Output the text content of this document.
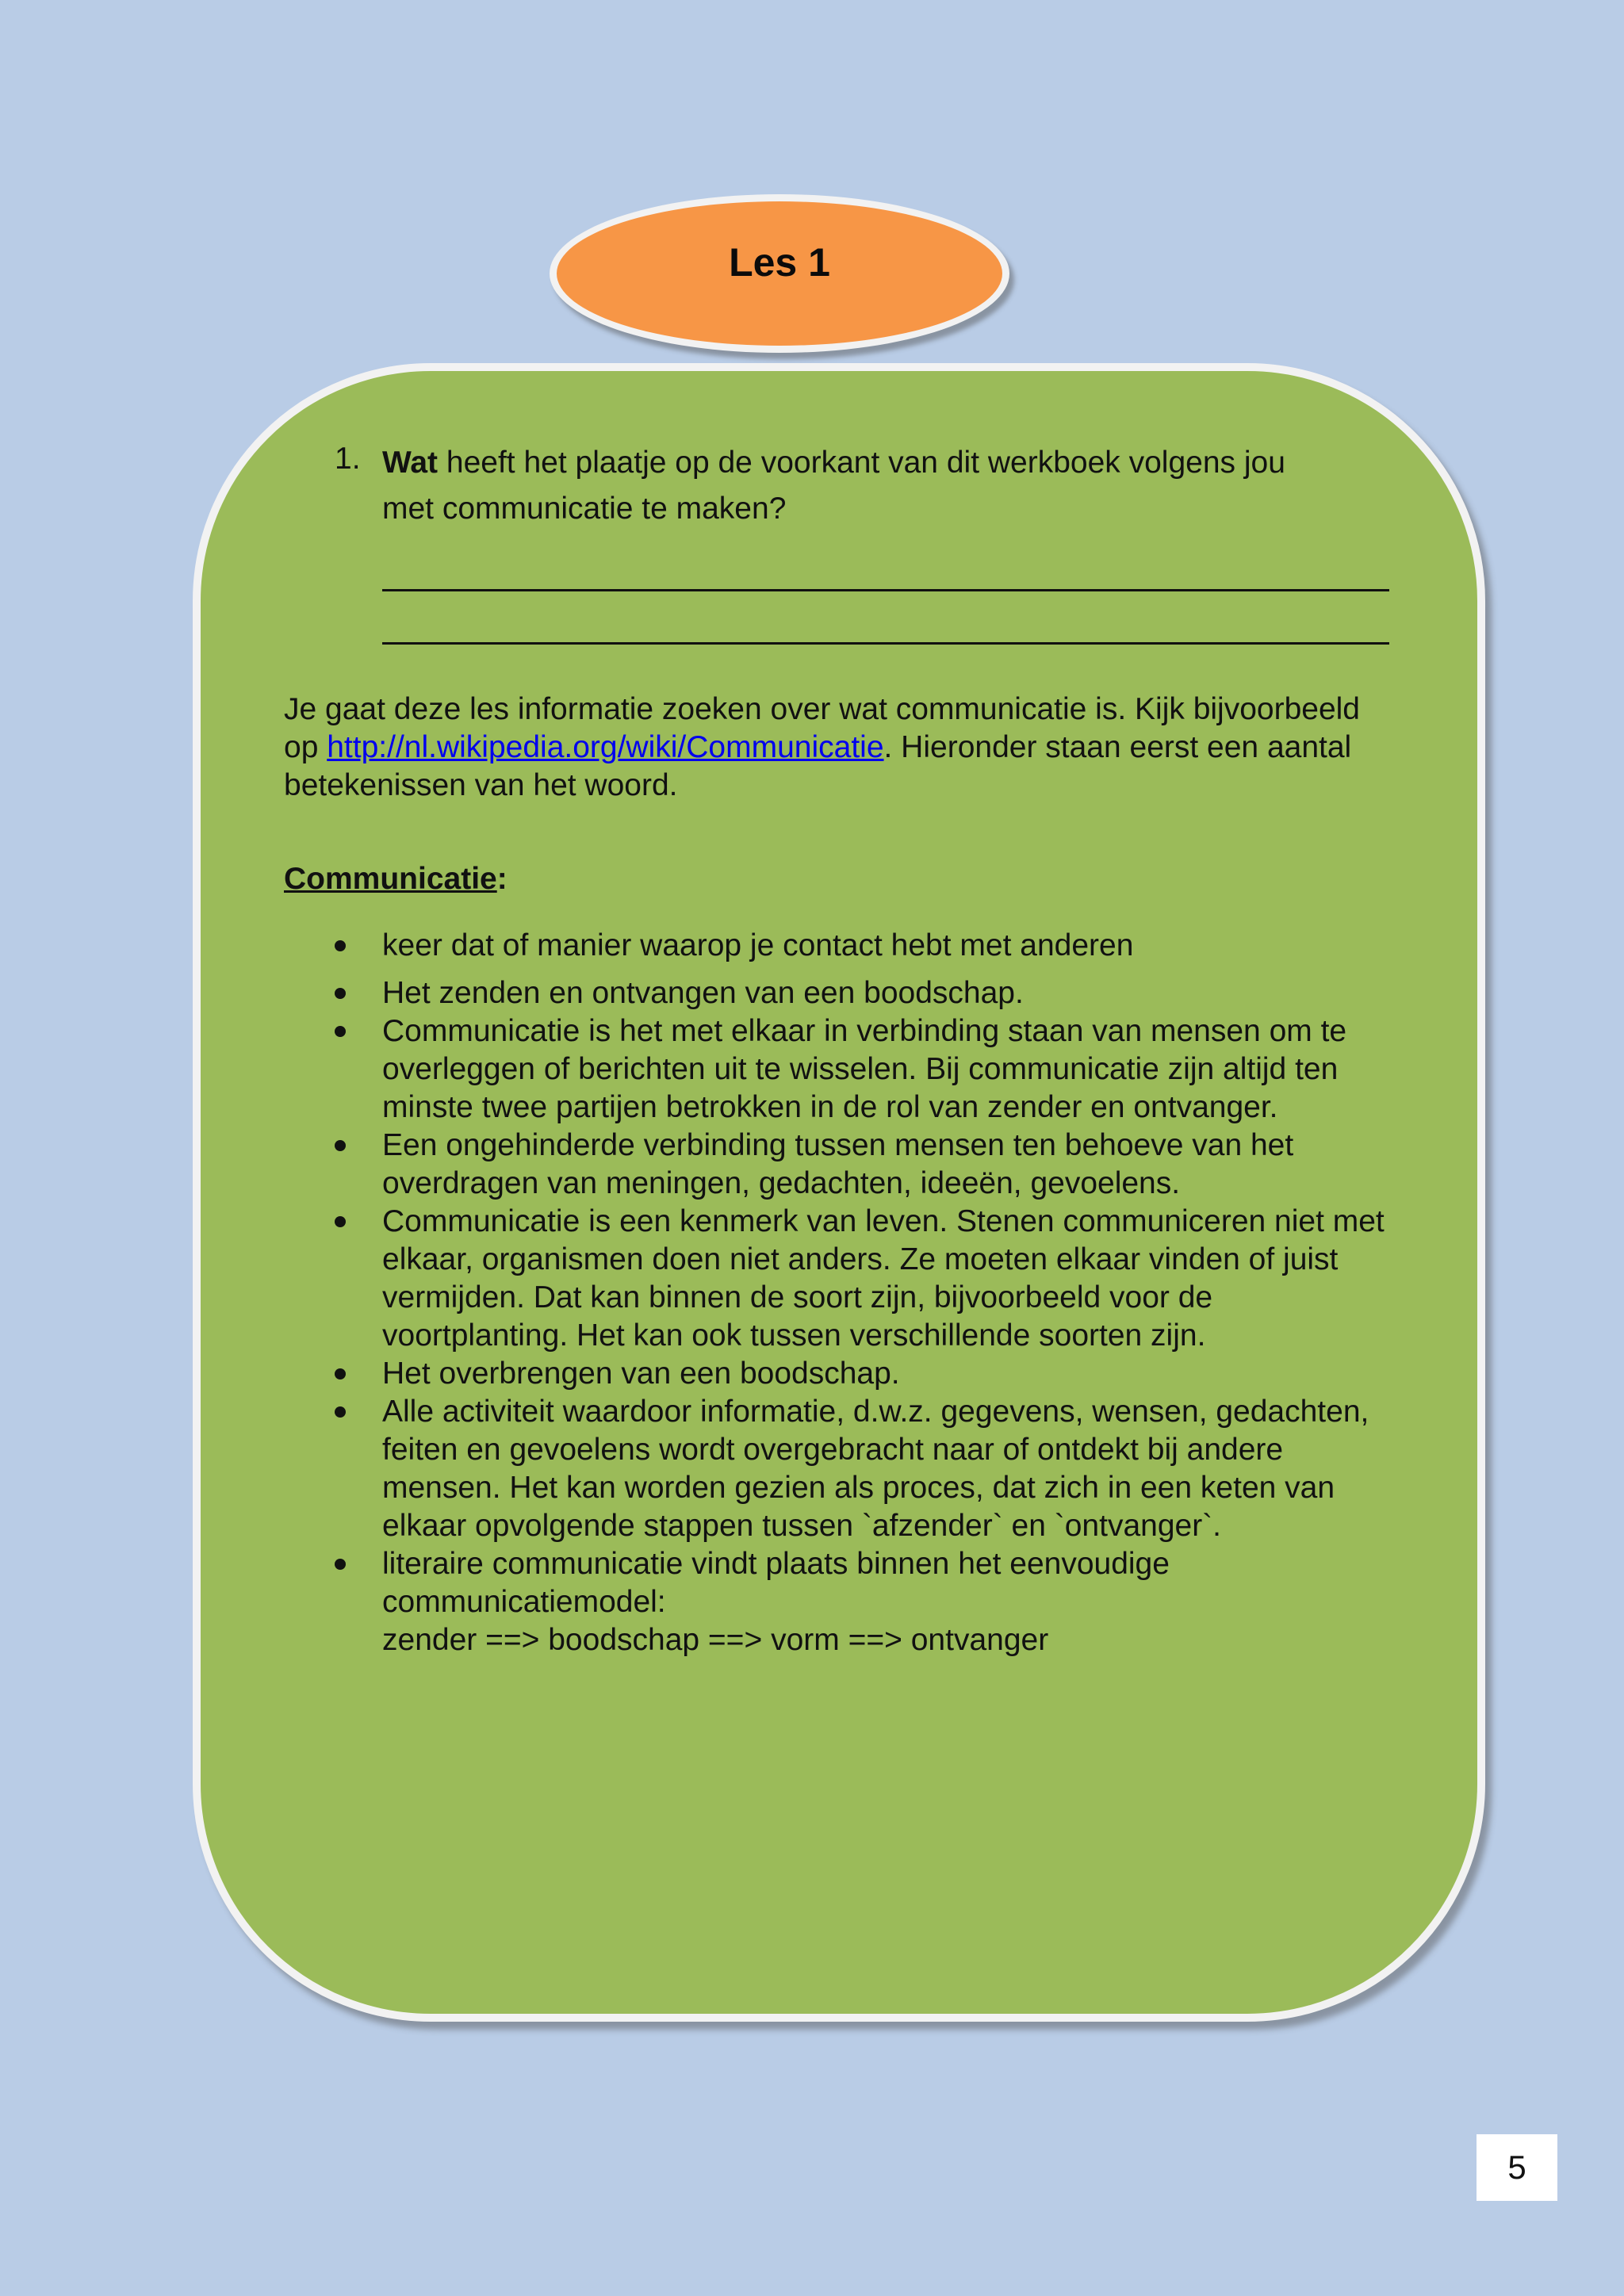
Les 1
1. Wat heeft het plaatje op de voorkant van dit werkboek volgens jou
met communicatie te maken?
Je gaat deze les informatie zoeken over wat communicatie is. Kijk bijvoorbeeld op http://nl.wikipedia.org/wiki/Communicatie. Hieronder staan eerst een aantal betekenissen van het woord.
Communicatie:
keer dat of manier waarop je contact hebt met anderen
Het zenden en ontvangen van een boodschap.
Communicatie is het met elkaar in verbinding staan van mensen om te overleggen of berichten uit te wisselen. Bij communicatie zijn altijd ten minste twee partijen betrokken in de rol van zender en ontvanger.
Een ongehinderde verbinding tussen mensen ten behoeve van het overdragen van meningen, gedachten, ideeën, gevoelens.
Communicatie is een kenmerk van leven. Stenen communiceren niet met elkaar, organismen doen niet anders. Ze moeten elkaar vinden of juist vermijden. Dat kan binnen de soort zijn, bijvoorbeeld voor de voortplanting. Het kan ook tussen verschillende soorten zijn.
Het overbrengen van een boodschap.
Alle activiteit waardoor informatie, d.w.z. gegevens, wensen, gedachten, feiten en gevoelens wordt overgebracht naar of ontdekt bij andere mensen. Het kan worden gezien als proces, dat zich in een keten van elkaar opvolgende stappen tussen `afzender` en `ontvanger`.
literaire communicatie vindt plaats binnen het eenvoudige communicatiemodel:
zender ==> boodschap ==> vorm ==> ontvanger
5
